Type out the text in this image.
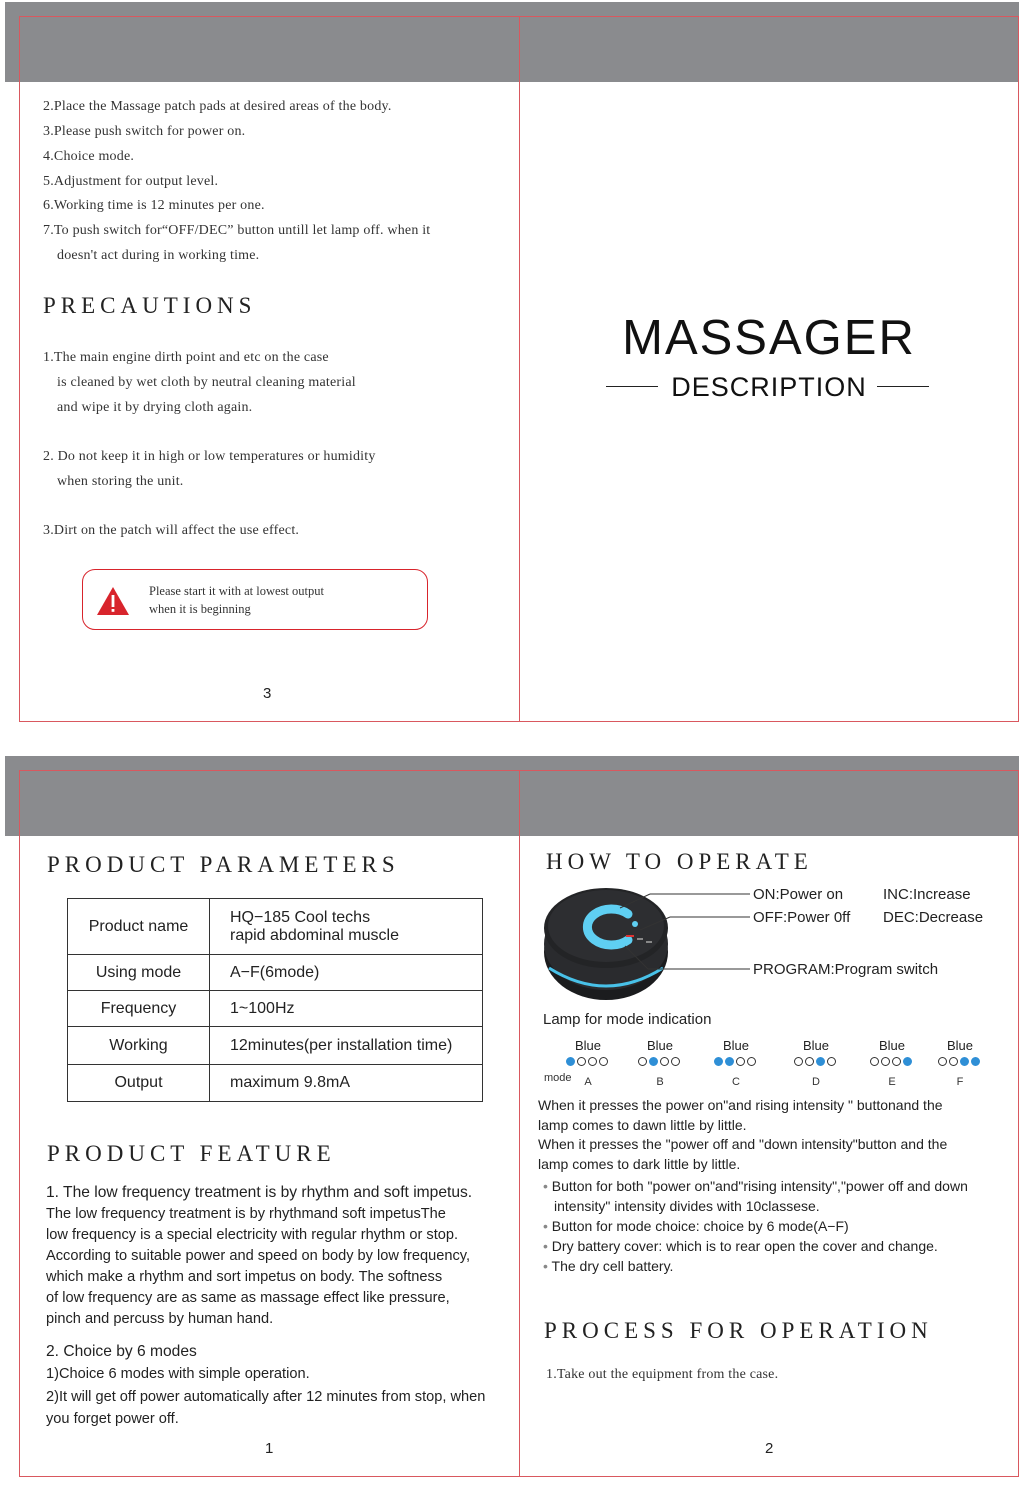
2.Place the Massage patch pads at desired areas of the body.
3.Please push switch for power on.
4.Choice mode.
5.Adjustment for output level.
6.Working time is 12 minutes per one.
7.To push switch for“OFF/DEC” button untill let lamp off. when it
doesn't act during in working time.
PRECAUTIONS
1.The main engine dirth point and etc on the case
is cleaned by wet cloth by neutral cleaning material
and wipe it by drying cloth again.
2. Do not keep it in high or low temperatures or humidity
when storing the unit.
3.Dirt on the patch will affect the use effect.
Please start it with at lowest output
when it is beginning
3
MASSAGER
DESCRIPTION
PRODUCT PARAMETERS
Product name	HQ−185 Cool techs
rapid abdominal muscle

Using mode	A−F(6mode)
Frequency	1~100Hz
Working	12minutes(per installation time)
Output	maximum 9.8mA
PRODUCT FEATURE
1. The low frequency treatment is by rhythm and soft impetus.
The low frequency treatment is by rhythmand soft impetusThe
low frequency is a special electricity with regular rhythm or stop.
According to suitable power and speed on body by low frequency,
which make a rhythm and sort impetus on body. The softness
of low frequency are as same as massage effect like pressure,
pinch and percuss by human hand.
2. Choice by 6 modes
1)Choice 6 modes with simple operation.
2)It will get off power automatically after 12 minutes from stop, when
you forget power off.
1
HOW TO OPERATE
ON:Power on	INC:Increase
OFF:Power 0ff DEC:Decrease
PROGRAM:Program switch
Lamp for mode indication
Blue
A
Blue
B
Blue
C
Blue
D
Blue
E
Blue
F
mode
When it presses the power on"and rising intensity " buttonand the
lamp comes to dawn little by little.
When it presses the "power off and "down intensity"button and the
lamp comes to dark little by little.
• Button for both "power on"and"rising intensity","power off and down
intensity" intensity divides with 10classese.
• Button for mode choice: choice by 6 mode(A−F)
• Dry battery cover: which is to rear open the cover and change.
• The dry cell battery.
PROCESS FOR OPERATION
1.Take out the equipment from the case.
2
